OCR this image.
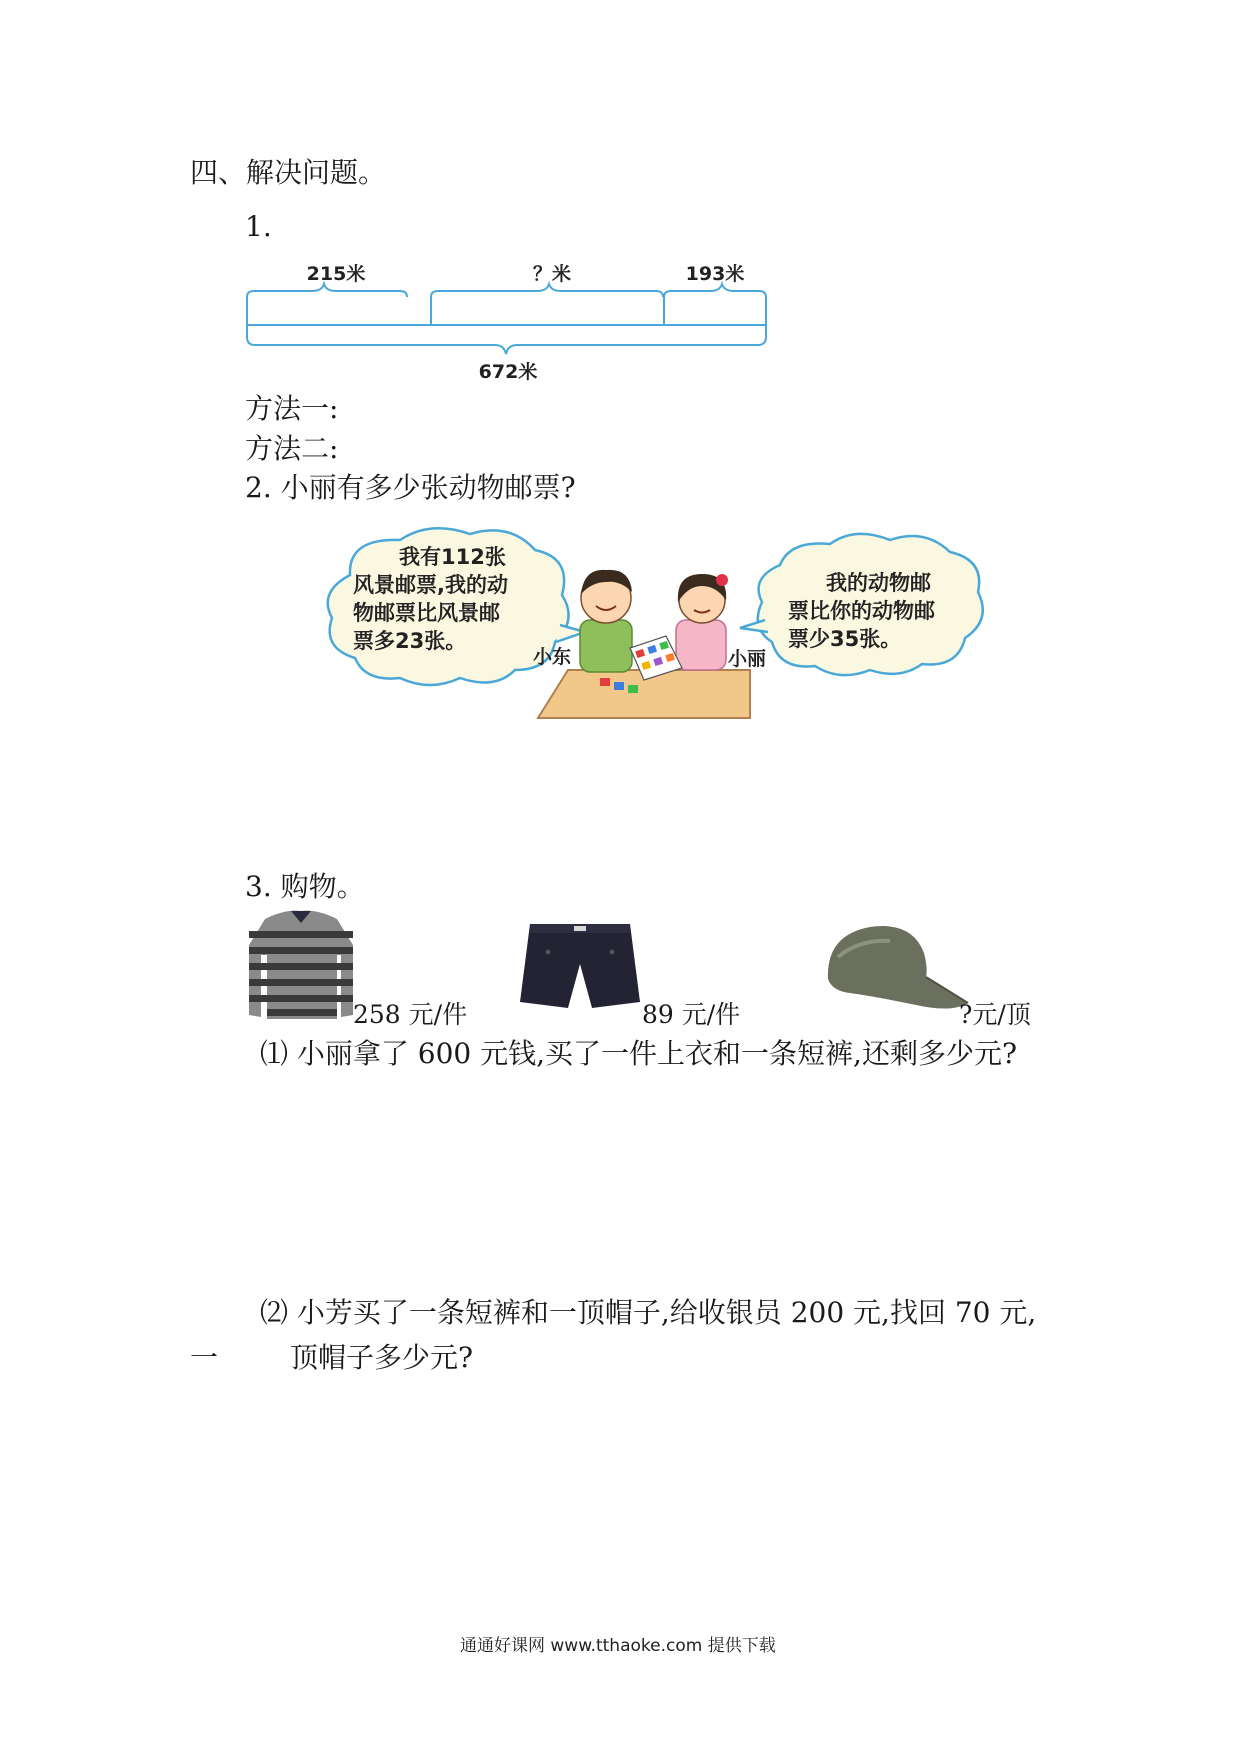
四、解决问题。
1.
215米	？米	193米
672米
方法一:
方法二:
2. 小丽有多少张动物邮票?
我有112张
风景邮票,我的动
物邮票比风景邮
票多23张。
小东
我的动物邮
票比你的动物邮
票少35张。
小丽
3. 购物。
258 元/件	89 元/件	?元/顶
⑴ 小丽拿了 600 元钱,买了一件上衣和一条短裤,还剩多少元?
⑵ 小芳买了一条短裤和一顶帽子,给收银员 200 元,找回 70 元,
一	顶帽子多少元?
通通好课网 www.tthaoke.com 提供下载
